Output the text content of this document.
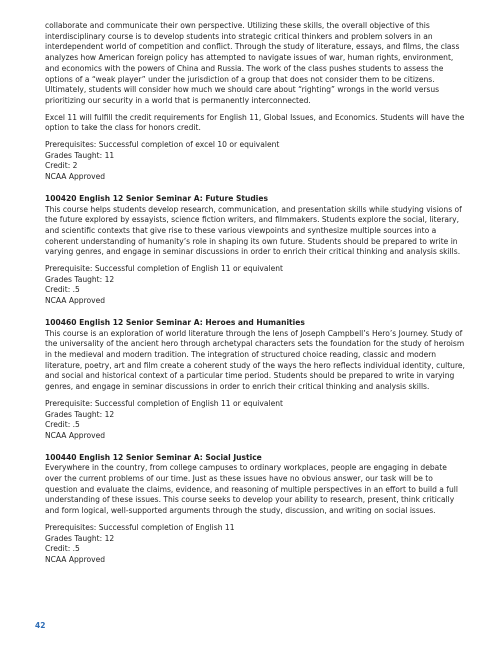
collaborate and communicate their own perspective. Utilizing these skills, the overall objective of this interdisciplinary course is to develop students into strategic critical thinkers and problem solvers in an interdependent world of competition and conflict. Through the study of literature, essays, and films, the class analyzes how American foreign policy has attempted to navigate issues of war, human rights, environment, and economics with the powers of China and Russia. The work of the class pushes students to assess the options of a “weak player” under the jurisdiction of a group that does not consider them to be citizens. Ultimately, students will consider how much we should care about “righting” wrongs in the world versus prioritizing our security in a world that is permanently interconnected.

Excel 11 will fulfill the credit requirements for English 11, Global Issues, and Economics. Students will have the option to take the class for honors credit.

Prerequisites: Successful completion of excel 10 or equivalent

Grades Taught: 11

Credit: 2

NCAA Approved

100420 English 12 Senior Seminar A: Future Studies

This course helps students develop research, communication, and presentation skills while studying visions of the future explored by essayists, science fiction writers, and filmmakers. Students explore the social, literary, and scientific contexts that give rise to these various viewpoints and synthesize multiple sources into a coherent understanding of humanity’s role in shaping its own future. Students should be prepared to write in varying genres, and engage in seminar discussions in order to enrich their critical thinking and analysis skills.

Prerequisite: Successful completion of English 11 or equivalent

Grades Taught: 12

Credit: .5

NCAA Approved

100460 English 12 Senior Seminar A: Heroes and Humanities

This course is an exploration of world literature through the lens of Joseph Campbell’s Hero’s Journey. Study of the universality of the ancient hero through archetypal characters sets the foundation for the study of heroism in the medieval and modern tradition. The integration of structured choice reading, classic and modern literature, poetry, art and film create a coherent study of the ways the hero reflects individual identity, culture, and social and historical context of a particular time period. Students should be prepared to write in varying genres, and engage in seminar discussions in order to enrich their critical thinking and analysis skills.

Prerequisite: Successful completion of English 11 or equivalent

Grades Taught: 12

Credit: .5

NCAA Approved

100440 English 12 Senior Seminar A: Social Justice

Everywhere in the country, from college campuses to ordinary workplaces, people are engaging in debate over the current problems of our time. Just as these issues have no obvious answer, our task will be to question and evaluate the claims, evidence, and reasoning of multiple perspectives in an effort to build a full understanding of these issues. This course seeks to develop your ability to research, present, think critically and form logical, well-supported arguments through the study, discussion, and writing on social issues.

Prerequisites: Successful completion of English 11

Grades Taught: 12

Credit: .5

NCAA Approved

42
